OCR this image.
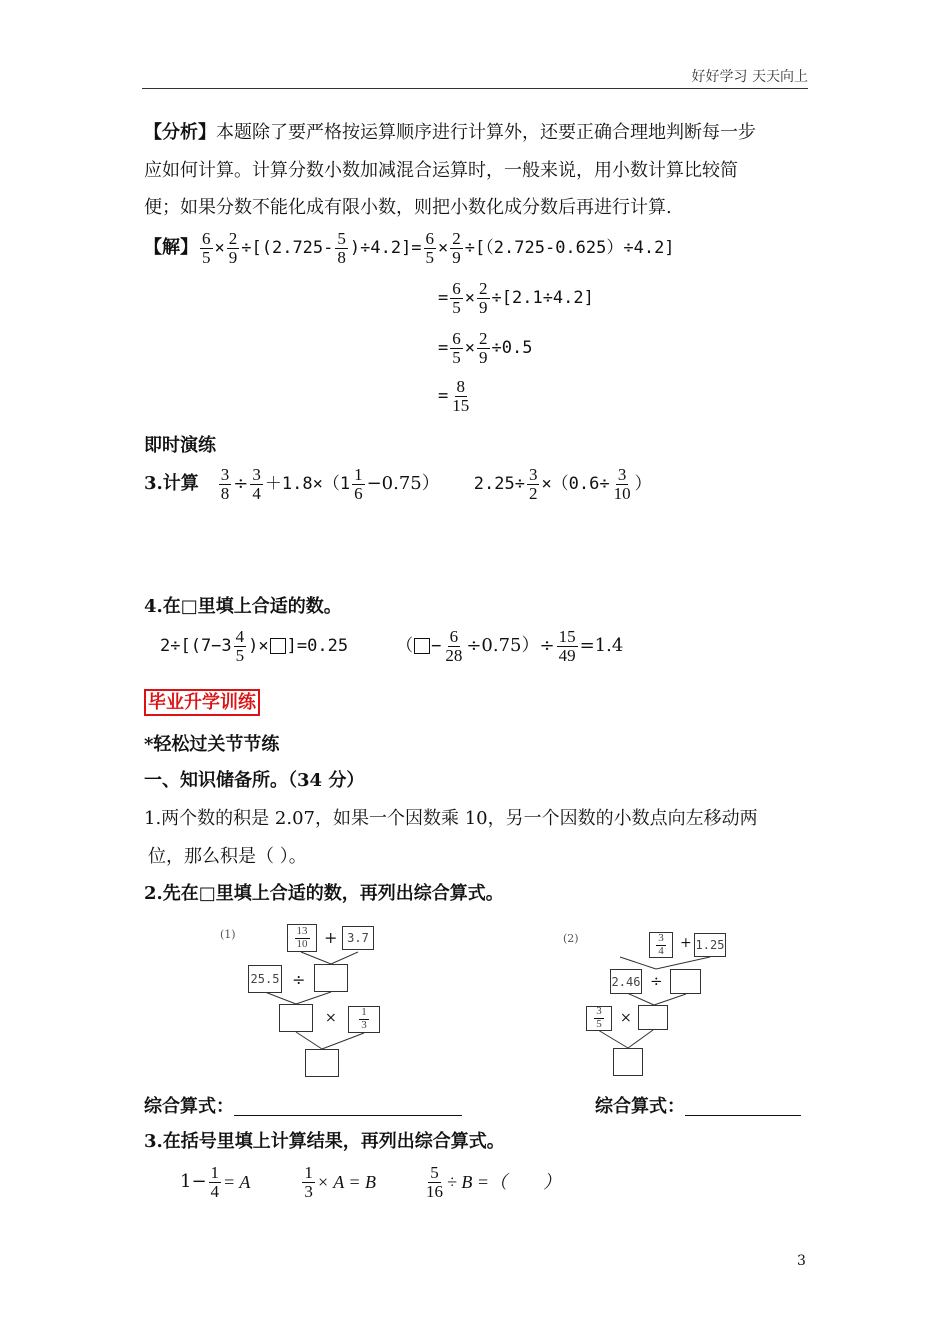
好好学习 天天向上
【分析】本题除了要严格按运算顺序进行计算外，还要正确合理地判断每一步
应如何计算。计算分数小数加减混合运算时，一般来说，用小数计算比较简
便；如果分数不能化成有限小数，则把小数化成分数后再进行计算.
【解】 $\frac{6}{5} \times \frac{2}{9} \div [(2.725- \frac{5}{8} )\div 4.2]= \frac{6}{5} \times \frac{2}{9} \div [(2.725-0.625)\div 4.2]$
= $\frac{6}{5} \times \frac{2}{9} \div [2.1\div 4.2]$
= $\frac{6}{5} \times \frac{2}{9} \div 0.5$
= $\frac{8}{15}$
即时演练
3.计算 $\frac{3}{8} \div \frac{3}{4} +1.8\times(1 \frac{1}{6} -0.75)$ $2.25\div \frac{3}{2} \times(0.6\div \frac{3}{10}$ ）
4.在□里填上合适的数。
$2\div[(7-3 \frac{4}{5}$ )× ]=0.25	（ − $\frac{6}{28} \div 0.75)\div \frac{15}{49} =1.4$
毕业升学训练
*轻松过关节节练
一、知识储备所。（34 分）
1.两个数的积是 2.07，如果一个因数乘 10，另一个因数的小数点向左移动两
位，那么积是（ ）。
2.先在□里填上合适的数，再列出综合算式。
(1)	$\frac{13}{10} + 3.7$
25.5 ÷
× $\frac{1}{3}$
(2)	$\frac{3}{4} + 1.25$
2.46 ÷
$\frac{3}{5}$ ×
综合算式：	综合算式：
3.在括号里填上计算结果，再列出综合算式。
$1- \frac{1}{4} = A$	$\frac{1}{3} \times A = B$	$\frac{5}{16} \div B$ =（　　）
3
